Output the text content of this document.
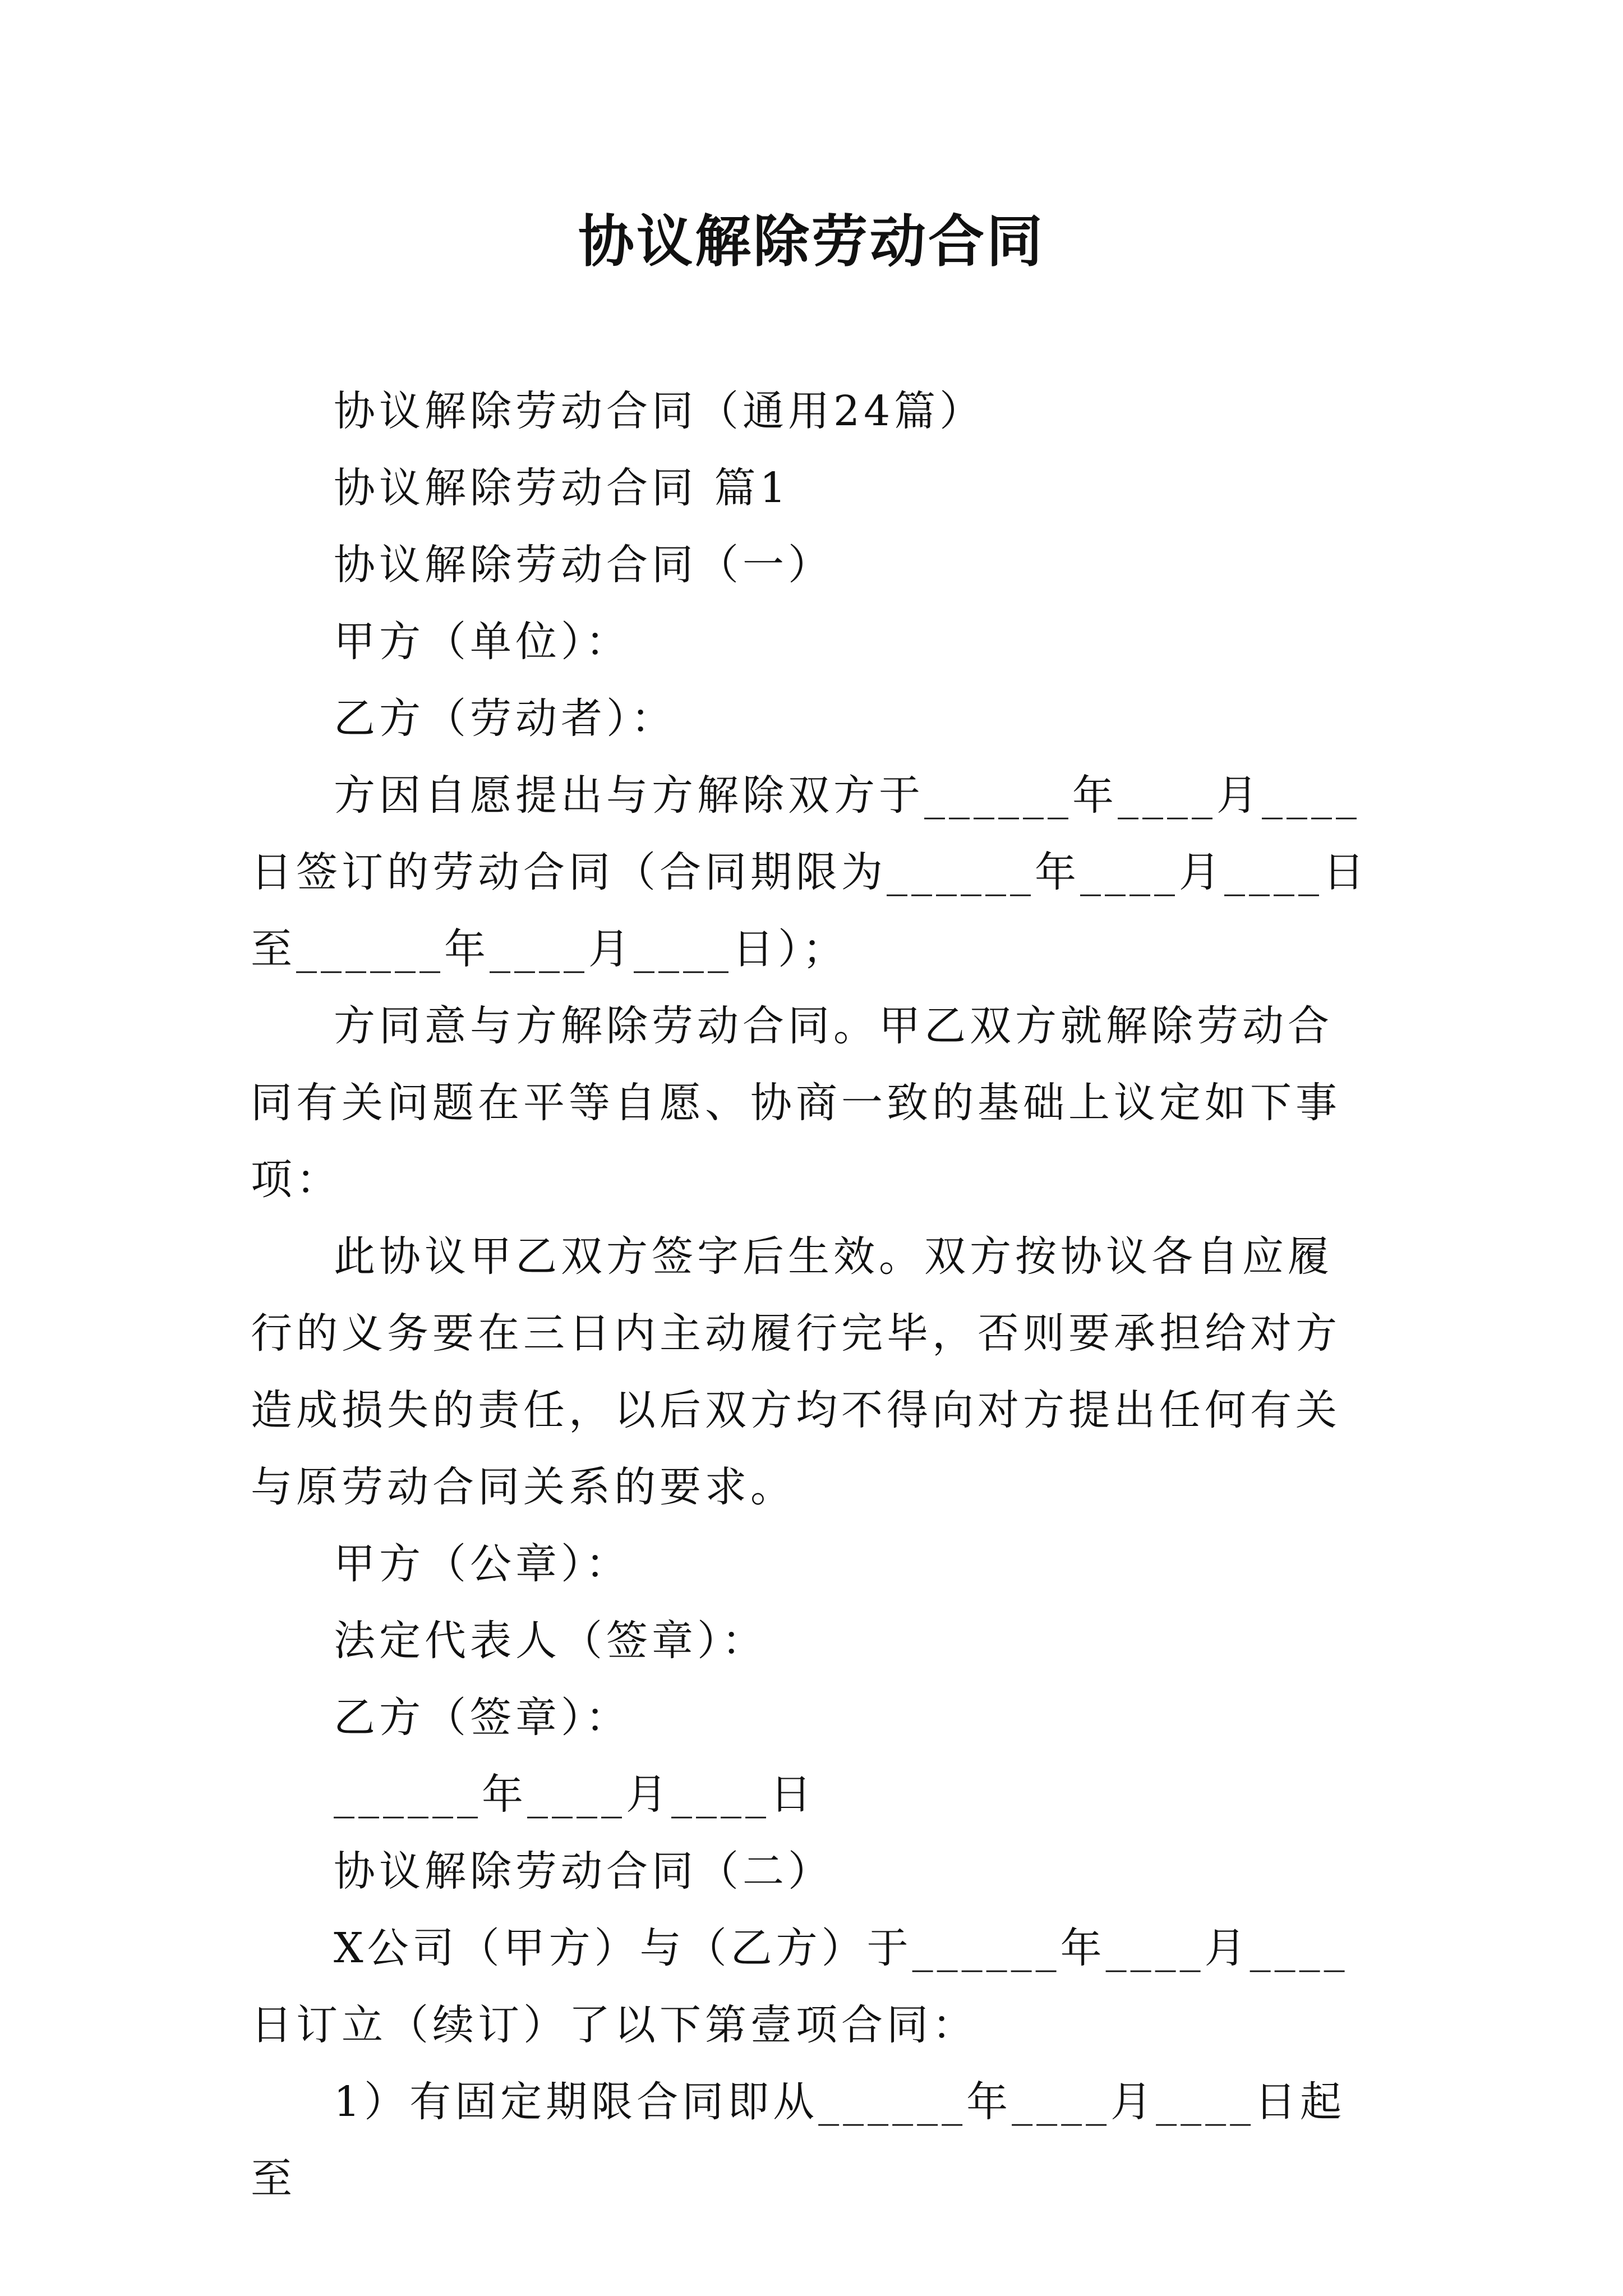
协议解除劳动合同

协议解除劳动合同（通用24篇）

协议解除劳动合同 篇1

协议解除劳动合同（一）

甲方（单位）：

乙方（劳动者）：

方因自愿提出与方解除双方于______年____月____日签订的劳动合同（合同期限为______年____月____日至______年____月____日）；

方同意与方解除劳动合同。甲乙双方就解除劳动合同有关问题在平等自愿、协商一致的基础上议定如下事项：

此协议甲乙双方签字后生效。双方按协议各自应履行的义务要在三日内主动履行完毕，否则要承担给对方造成损失的责任，以后双方均不得向对方提出任何有关与原劳动合同关系的要求。

甲方（公章）：

法定代表人（签章）：

乙方（签章）：

______年____月____日

协议解除劳动合同（二）

X公司（甲方）与（乙方）于______年____月____日订立（续订）了以下第壹项合同：

1）有固定期限合同即从______年____月____日起至
